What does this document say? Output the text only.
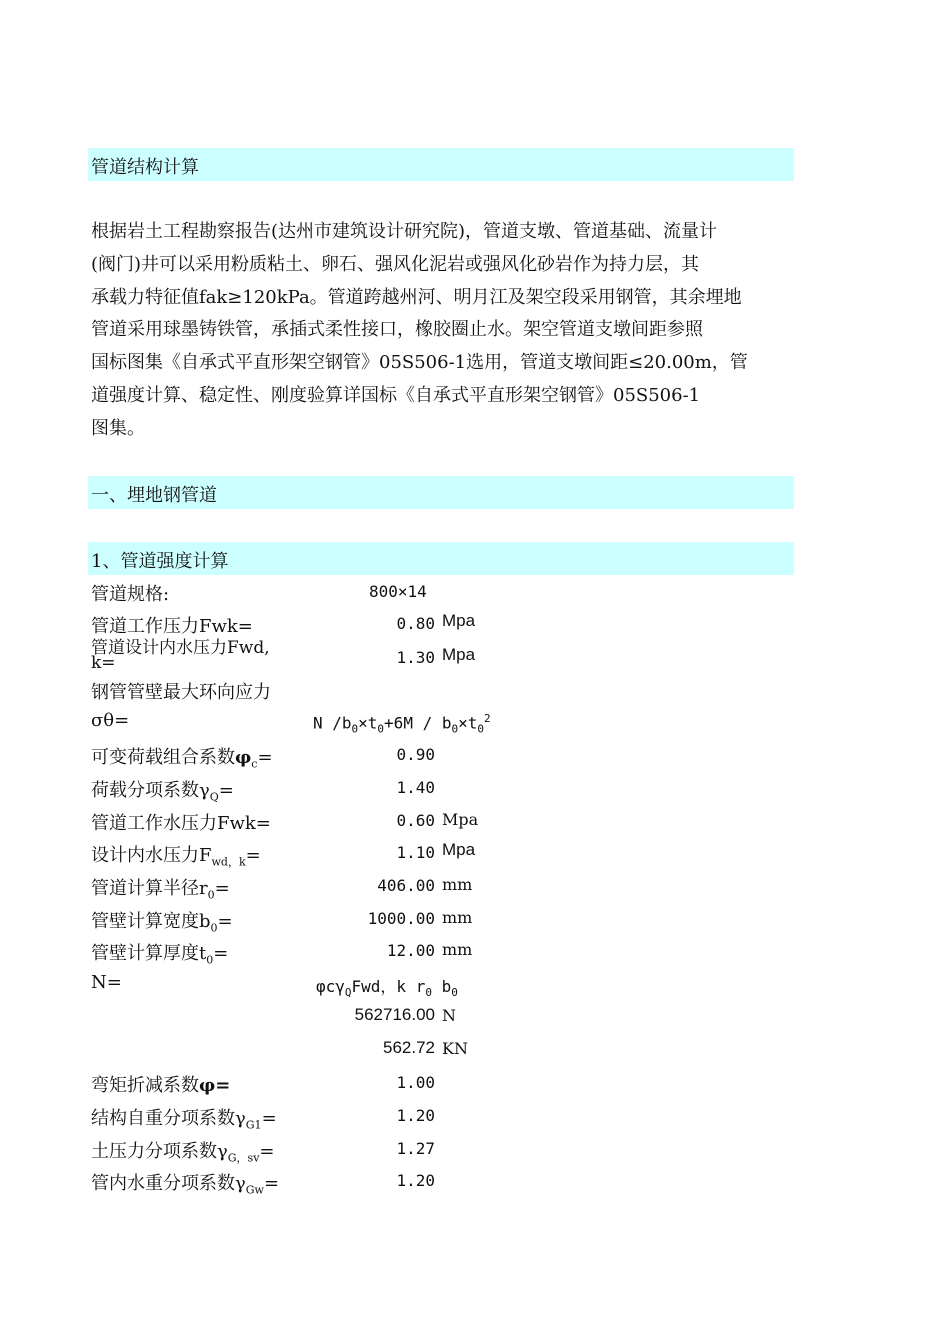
管道结构计算
根据岩土工程勘察报告(达州市建筑设计研究院)，管道支墩、管道基础、流量计
(阀门)井可以采用粉质粘土、卵石、强风化泥岩或强风化砂岩作为持力层，其
承载力特征值fak≥120kPa。管道跨越州河、明月江及架空段采用钢管，其余埋地
管道采用球墨铸铁管，承插式柔性接口，橡胶圈止水。架空管道支墩间距参照
国标图集《自承式平直形架空钢管》05S506-1选用，管道支墩间距≤20.00m，管
道强度计算、稳定性、刚度验算详国标《自承式平直形架空钢管》05S506-1
图集。
一、埋地钢管道
1、管道强度计算
管道规格:	800×14
管道工作压力Fwk=	0.80 Mpa
管道设计内水压力Fwd,
k=	1.30 Mpa
钢管管壁最大环向应力
σθ=	N $/b_0\times t_0+6M / b_0\times t_0^2$
可变荷载组合系数$\varphi_c=$	0.90
荷载分项系数$\gamma_Q=$	1.40
管道工作水压力Fwk=	0.60 Mpa
设计内水压力$F_{wd,k}=$	1.10 Mpa
管道计算半径$r_0=$	406.00 mm
管壁计算宽度$b_0=$	1000.00 mm
管壁计算厚度$t_0=$	12.00 mm
N=	φcγ$_Q$Fwd，k $r_0$ $b_0$
562716.00 N
562.72 KN
弯矩折减系数φ=	1.00
结构自重分项系数$\gamma_{G1}=$	1.20
土压力分项系数$\gamma_{G,sv}=$	1.27
管内水重分项系数$\gamma_{Gw}=$	1.20
